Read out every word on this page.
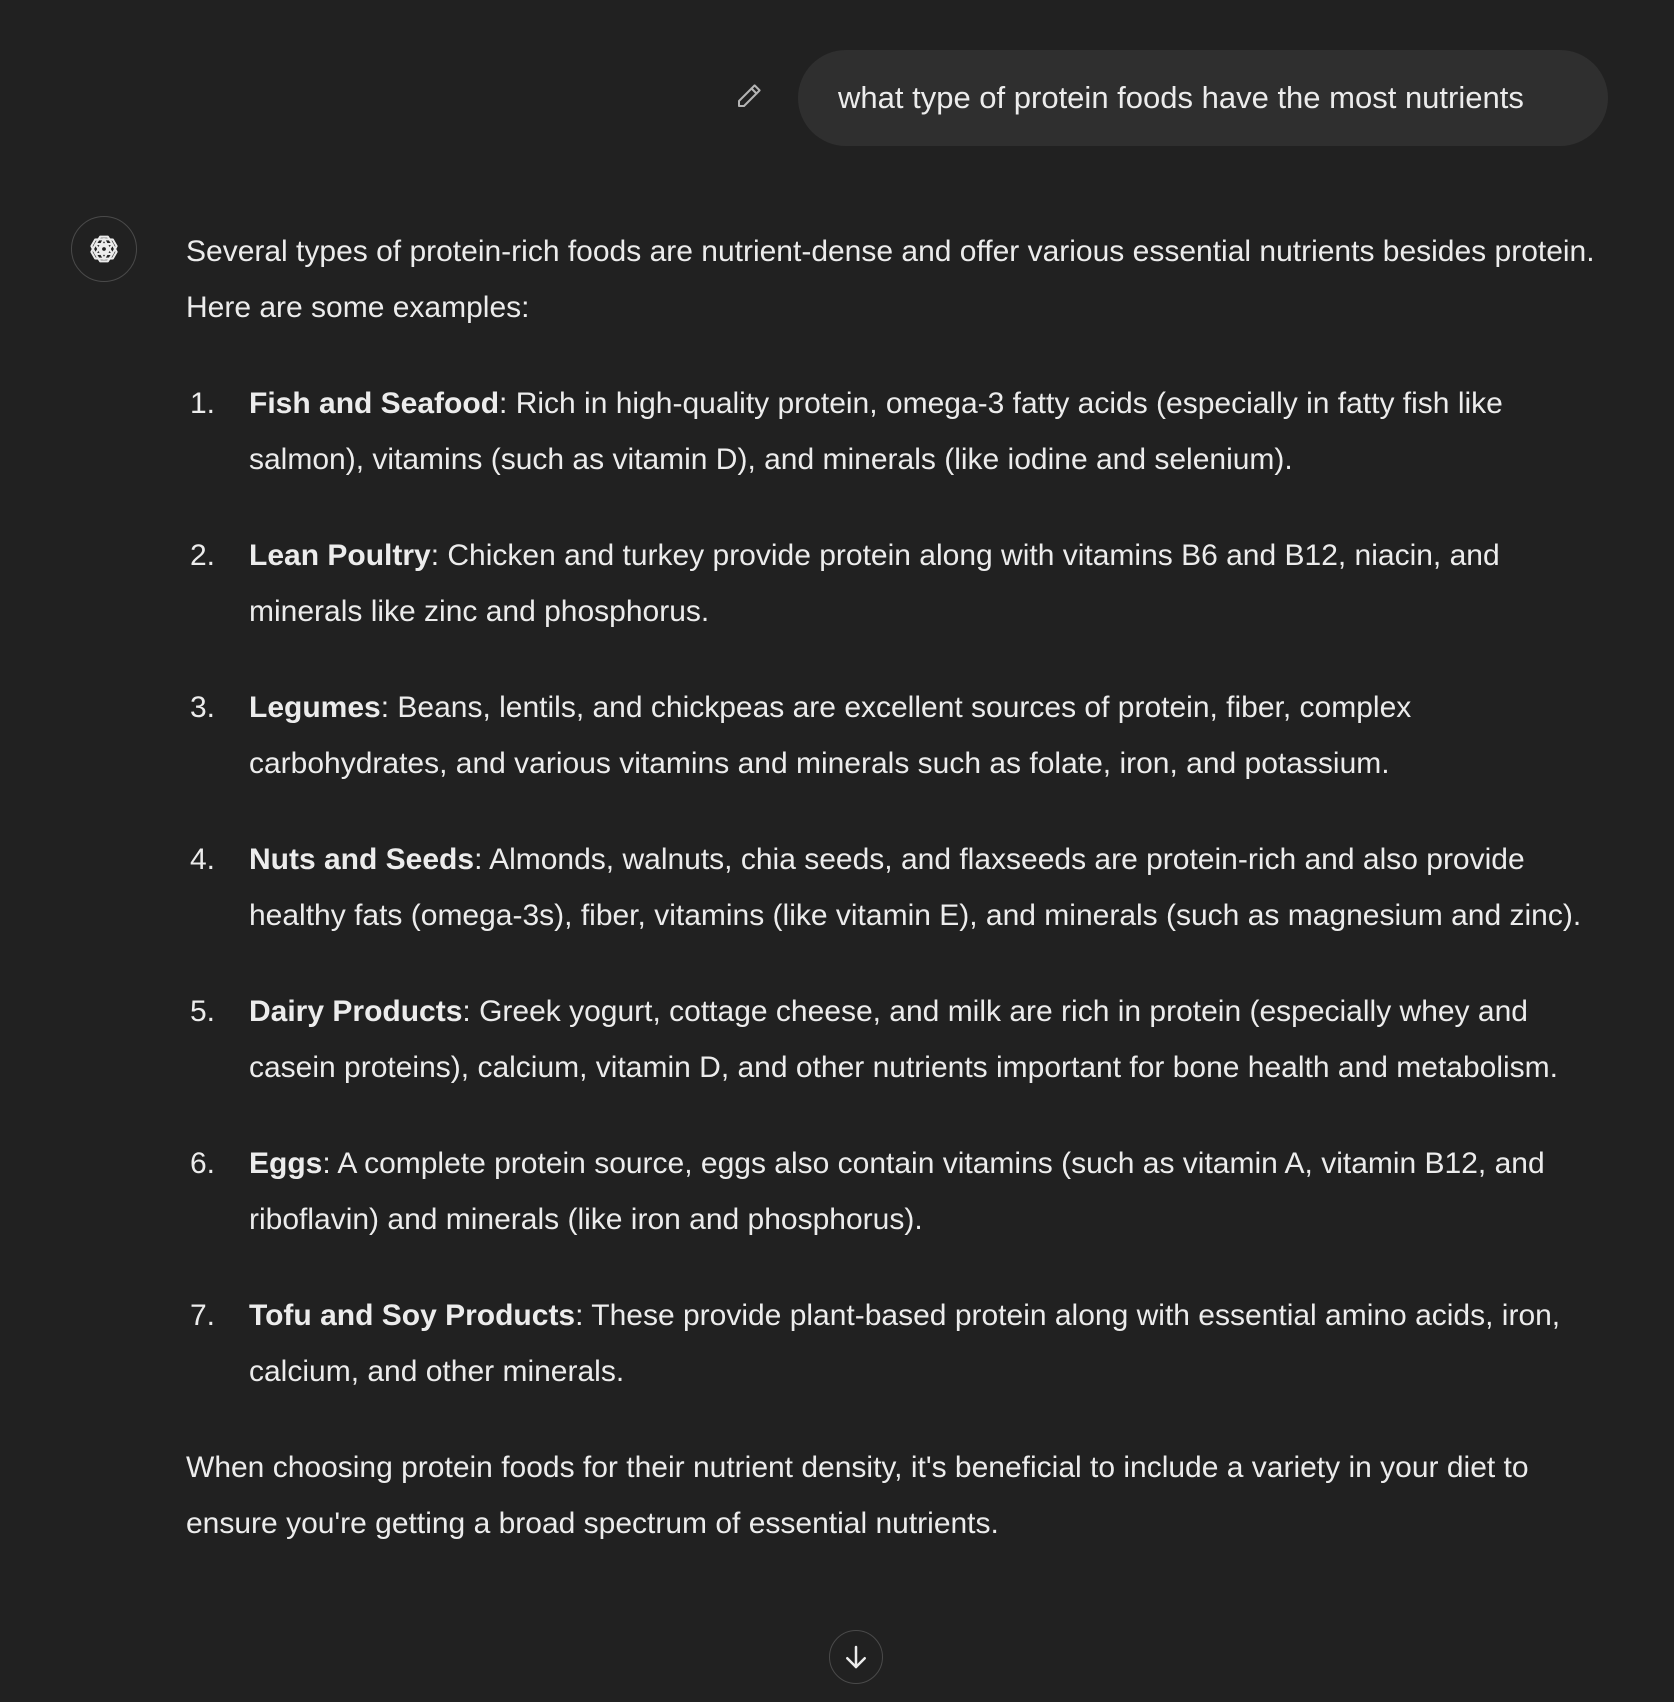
what type of protein foods have the most nutrients

Several types of protein-rich foods are nutrient-dense and offer various essential nutrients besides protein. Here are some examples:

1. Fish and Seafood: Rich in high-quality protein, omega-3 fatty acids (especially in fatty fish like salmon), vitamins (such as vitamin D), and minerals (like iodine and selenium).
2. Lean Poultry: Chicken and turkey provide protein along with vitamins B6 and B12, niacin, and minerals like zinc and phosphorus.
3. Legumes: Beans, lentils, and chickpeas are excellent sources of protein, fiber, complex carbohydrates, and various vitamins and minerals such as folate, iron, and potassium.
4. Nuts and Seeds: Almonds, walnuts, chia seeds, and flaxseeds are protein-rich and also provide healthy fats (omega-3s), fiber, vitamins (like vitamin E), and minerals (such as magnesium and zinc).
5. Dairy Products: Greek yogurt, cottage cheese, and milk are rich in protein (especially whey and casein proteins), calcium, vitamin D, and other nutrients important for bone health and metabolism.
6. Eggs: A complete protein source, eggs also contain vitamins (such as vitamin A, vitamin B12, and riboflavin) and minerals (like iron and phosphorus).
7. Tofu and Soy Products: These provide plant-based protein along with essential amino acids, iron, calcium, and other minerals.

When choosing protein foods for their nutrient density, it's beneficial to include a variety in your diet to ensure you're getting a broad spectrum of essential nutrients.
